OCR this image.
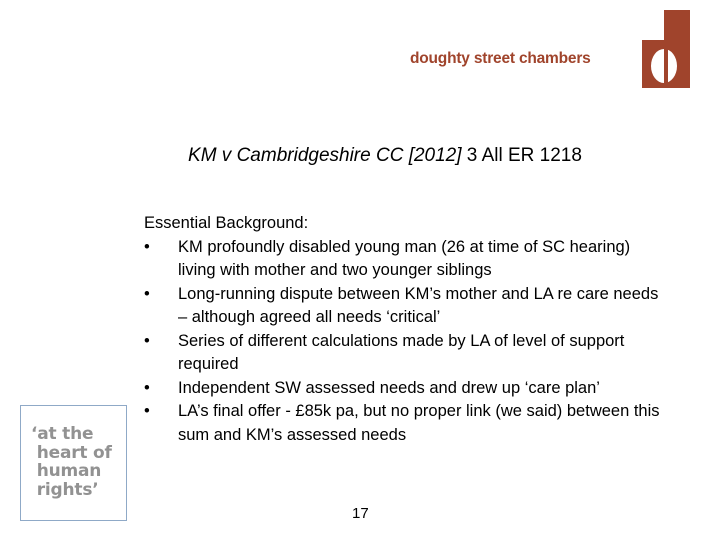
doughty street chambers
KM v Cambridgeshire CC [2012] 3 All ER 1218

Essential Background:

•	KM profoundly disabled young man (26 at time of SC hearing) living with mother and two younger siblings
•	Long-running dispute between KM’s mother and LA re care needs – although agreed all needs ‘critical’
•	Series of different calculations made by LA of level of support required
•	Independent SW assessed needs and drew up ‘care plan’
•	LA’s final offer - £85k pa, but no proper link (we said) between this sum and KM’s assessed needs
‘at the
heart of
human
rights’
17
